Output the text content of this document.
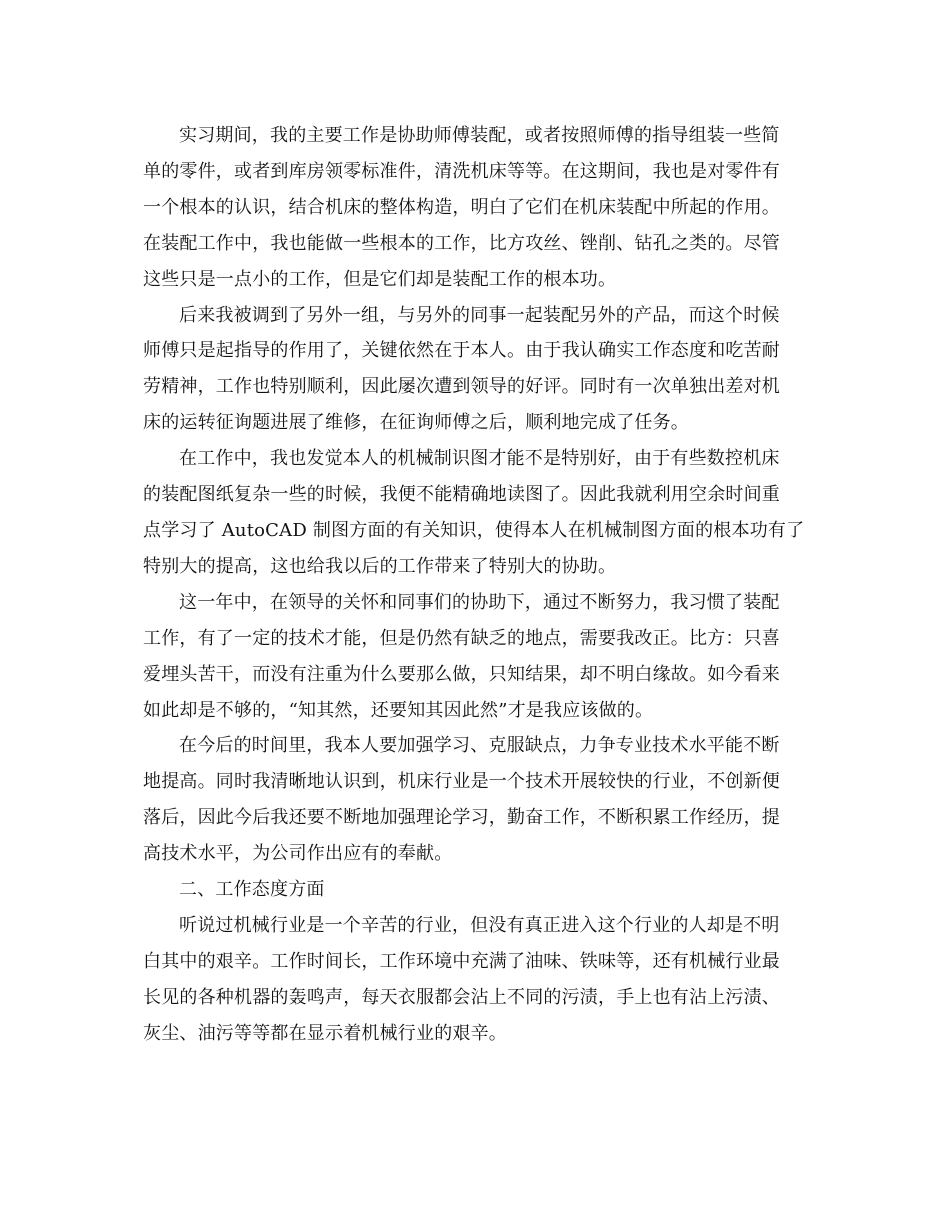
实习期间，我的主要工作是协助师傅装配，或者按照师傅的指导组装一些简
单的零件，或者到库房领零标准件，清洗机床等等。在这期间，我也是对零件有
一个根本的认识，结合机床的整体构造，明白了它们在机床装配中所起的作用。
在装配工作中，我也能做一些根本的工作，比方攻丝、锉削、钻孔之类的。尽管
这些只是一点小的工作，但是它们却是装配工作的根本功。

后来我被调到了另外一组，与另外的同事一起装配另外的产品，而这个时候
师傅只是起指导的作用了，关键依然在于本人。由于我认确实工作态度和吃苦耐
劳精神，工作也特别顺利，因此屡次遭到领导的好评。同时有一次单独出差对机
床的运转征询题进展了维修，在征询师傅之后，顺利地完成了任务。

在工作中，我也发觉本人的机械制识图才能不是特别好，由于有些数控机床
的装配图纸复杂一些的时候，我便不能精确地读图了。因此我就利用空余时间重
点学习了 AutoCAD 制图方面的有关知识，使得本人在机械制图方面的根本功有了
特别大的提高，这也给我以后的工作带来了特别大的协助。

这一年中，在领导的关怀和同事们的协助下，通过不断努力，我习惯了装配
工作，有了一定的技术才能，但是仍然有缺乏的地点，需要我改正。比方：只喜
爱埋头苦干，而没有注重为什么要那么做，只知结果，却不明白缘故。如今看来
如此却是不够的，“知其然，还要知其因此然”才是我应该做的。

在今后的时间里，我本人要加强学习、克服缺点，力争专业技术水平能不断
地提高。同时我清晰地认识到，机床行业是一个技术开展较快的行业，不创新便
落后，因此今后我还要不断地加强理论学习，勤奋工作，不断积累工作经历，提
高技术水平，为公司作出应有的奉献。

二、工作态度方面

听说过机械行业是一个辛苦的行业，但没有真正进入这个行业的人却是不明
白其中的艰辛。工作时间长，工作环境中充满了油味、铁味等，还有机械行业最
长见的各种机器的轰鸣声，每天衣服都会沾上不同的污渍，手上也有沾上污渍、
灰尘、油污等等都在显示着机械行业的艰辛。
